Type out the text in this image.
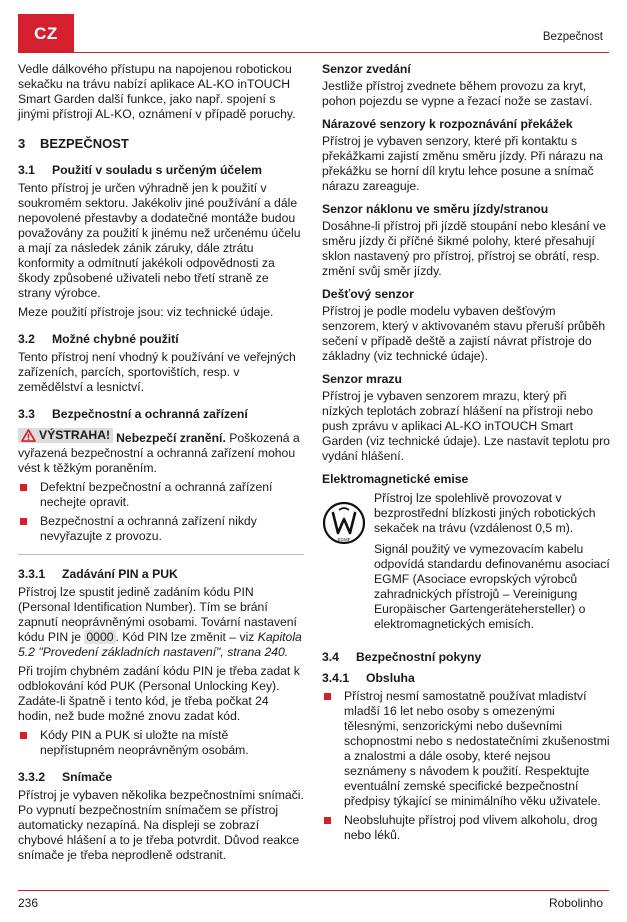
CZ	Bezpečnost

Vedle dálkového přístupu na napojenou robotickou sekačku na trávu nabízí aplikace AL-KO inTOUCH Smart Garden další funkce, jako např. spojení s jinými přístroji AL-KO, oznámení v případě poruchy.

3 BEZPEČNOST
3.1 Použití v souladu s určeným účelem

Tento přístroj je určen výhradně jen k použití v soukromém sektoru. Jakékoliv jiné používání a dále nepovolené přestavby a dodatečné montáže budou považovány za použití k jinému než určenému účelu a mají za následek zánik záruky, dále ztrátu konformity a odmítnutí jakékoli odpovědnosti za škody způsobené uživateli nebo třetí straně ze strany výrobce.

Meze použití přístroje jsou: viz technické údaje.

3.2 Možné chybné použití

Tento přístroj není vhodný k používání ve veřejných zařízeních, parcích, sportovištích, resp. v zemědělství a lesnictví.

3.3 Bezpečnostní a ochranná zařízení

VÝSTRAHA! Nebezpečí zranění. Poškozená a vyřazená bezpečnostní a ochranná zařízení mohou vést k těžkým poraněním.

Defektní bezpečnostní a ochranná zařízení nechejte opravit.
Bezpečnostní a ochranná zařízení nikdy nevyřazujte z provozu.
3.3.1 Zadávání PIN a PUK

Přístroj lze spustit jedině zadáním kódu PIN (Personal Identification Number). Tím se brání zapnutí neoprávněnými osobami. Tovární nastavení kódu PIN je 0000 . Kód PIN lze změnit – viz Kapitola 5.2 "Provedení základních nastavení", strana 240.

Při trojím chybném zadání kódu PIN je třeba zadat k odblokování kód PUK (Personal Unlocking Key). Zadáte-li špatně i tento kód, je třeba počkat 24 hodin, než bude možné znovu zadat kód.

Kódy PIN a PUK si uložte na místě nepřístupném neoprávněným osobám.
3.3.2 Snímače

Přístroj je vybaven několika bezpečnostními snímači. Po vypnutí bezpečnostním snímačem se přístroj automaticky nezapíná. Na displeji se zobrazí chybové hlášení a to je třeba potvrdit. Důvod reakce snímače je třeba neprodleně odstranit.

Senzor zvedání

Jestliže přístroj zvednete během provozu za kryt, pohon pojezdu se vypne a řezací nože se zastaví.

Nárazové senzory k rozpoznávání překážek

Přístroj je vybaven senzory, které při kontaktu s překážkami zajistí změnu směru jízdy. Při nárazu na překážku se horní díl krytu lehce posune a snímač nárazu zareaguje.

Senzor náklonu ve směru jízdy/stranou

Dosáhne-li přístroj při jízdě stoupání nebo klesání ve směru jízdy či příčné šikmé polohy, které přesahují sklon nastavený pro přístroj, přístroj se obrátí, resp. změní svůj směr jízdy.

Dešťový senzor

Přístroj je podle modelu vybaven dešťovým senzorem, který v aktivovaném stavu přeruší průběh sečení v případě deště a zajistí návrat přístroje do základny (viz technické údaje).

Senzor mrazu

Přístroj je vybaven senzorem mrazu, který při nízkých teplotách zobrazí hlášení na přístroji nebo push zprávu v aplikaci AL-KO inTOUCH Smart Garden (viz technické údaje). Lze nastavit teplotu pro vydání hlášení.

Elektromagnetické emise
EGMF

Přístroj lze spolehlivě provozovat v bezprostřední blízkosti jiných robotických sekaček na trávu (vzdálenost 0,5 m).

Signál použitý ve vymezovacím kabelu odpovídá standardu definovanému asociací EGMF (Asociace evropských výrobců zahradnických přístrojů – Vereinigung Europäischer Gartengerätehersteller) o elektromagnetických emisích.

3.4 Bezpečnostní pokyny
3.4.1 Obsluha
Přístroj nesmí samostatně používat mladiství mladší 16 let nebo osoby s omezenými tělesnými, senzorickými nebo duševními schopnostmi nebo s nedostatečními zkušenostmi a znalostmi a dále osoby, které nejsou seznámeny s návodem k použití. Respektujte eventuální zemské specifické bezpečnostní předpisy týkající se minimálního věku uživatele.
Neobsluhujte přístroj pod vlivem alkoholu, drog nebo léků.
236	Robolinho
